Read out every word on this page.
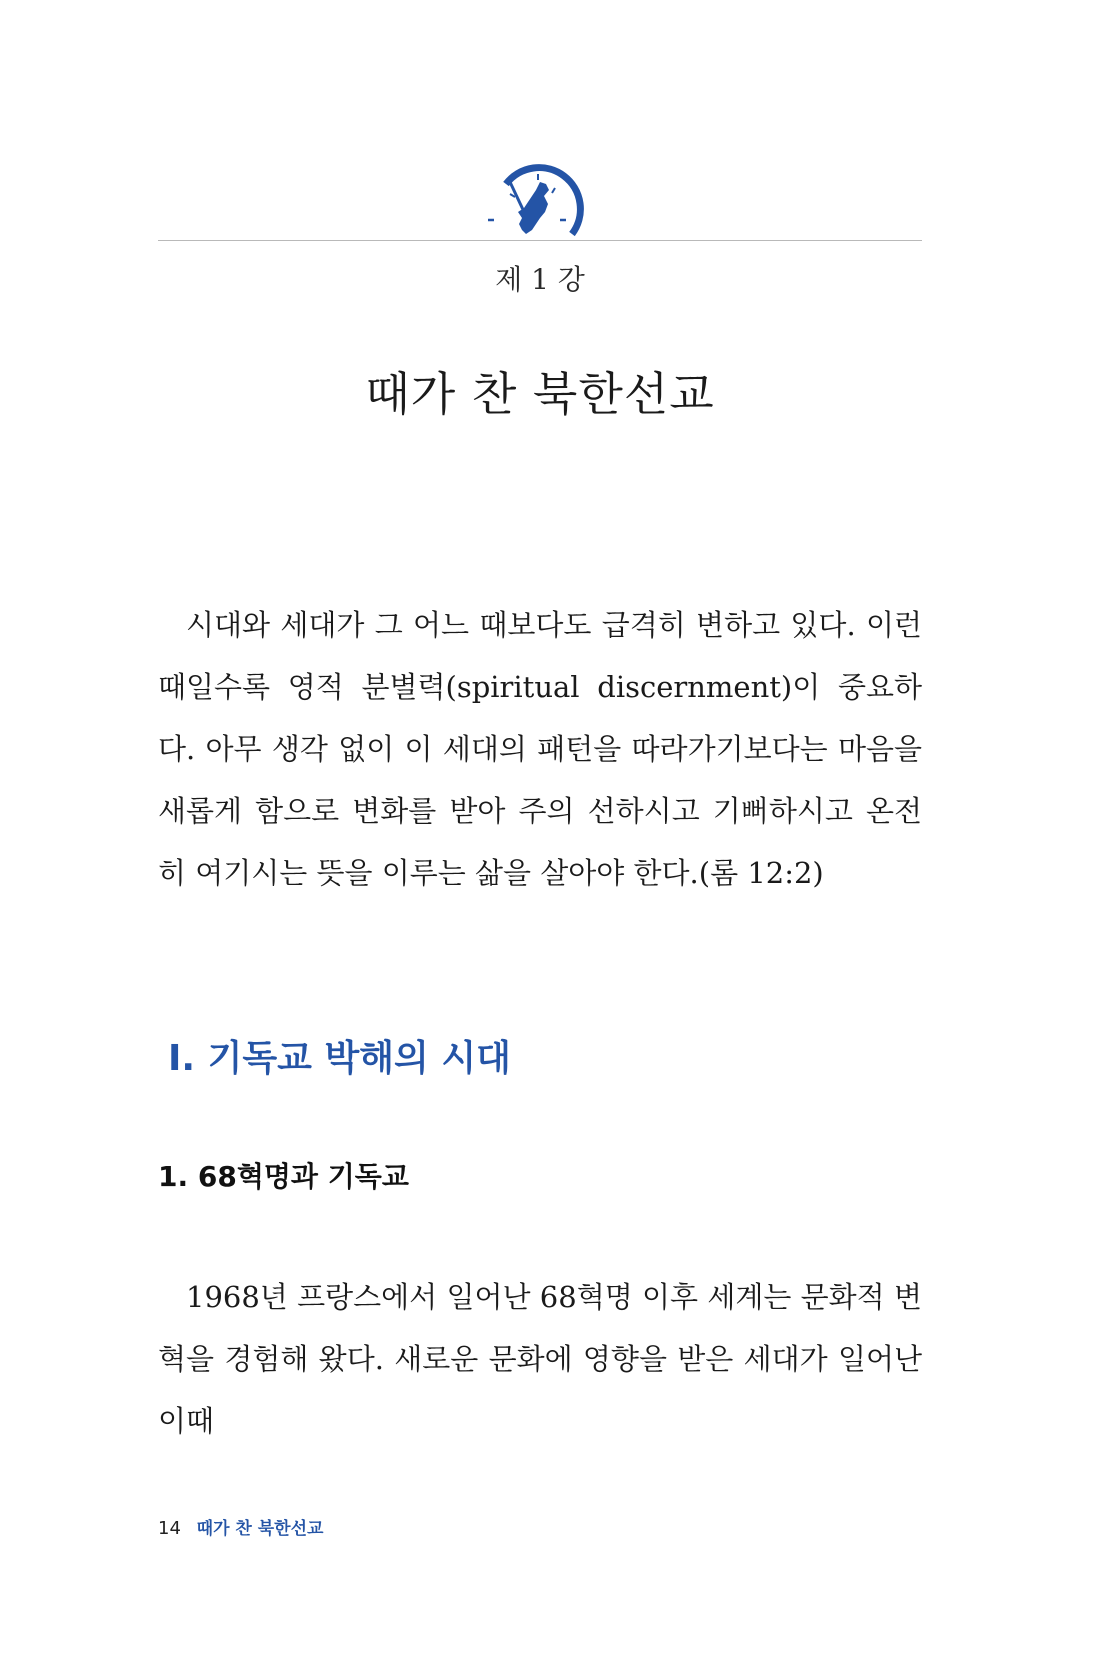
제 1 강
때가 찬 북한선교

시대와 세대가 그 어느 때보다도 급격히 변하고 있다. 이런 때일수록 영적 분별력(spiritual discernment)이 중요하다. 아무 생각 없이 이 세대의 패턴을 따라가기보다는 마음을 새롭게 함으로 변화를 받아 주의 선하시고 기뻐하시고 온전히 여기시는 뜻을 이루는 삶을 살아야 한다.(롬 12:2)

Ⅰ. 기독교 박해의 시대
1. 68혁명과 기독교

1968년 프랑스에서 일어난 68혁명 이후 세계는 문화적 변혁을 경험해 왔다. 새로운 문화에 영향을 받은 세대가 일어난 이때

14 때가 찬 북한선교
